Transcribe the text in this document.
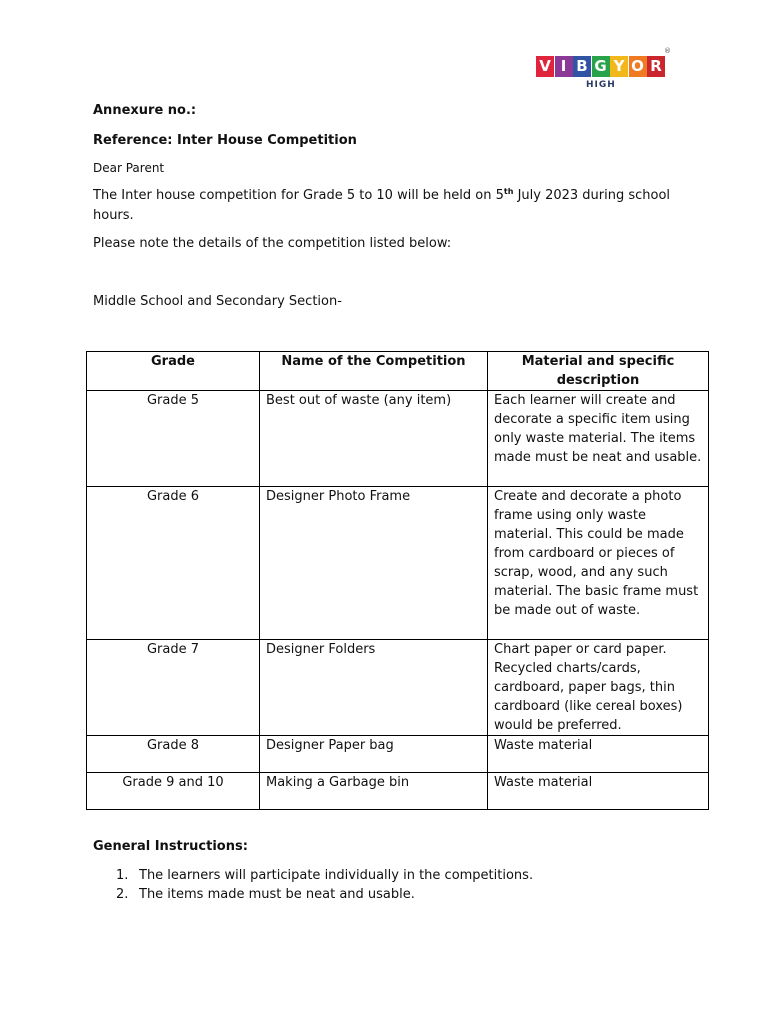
V I B G Y O R
®
HIGH
Annexure no.:
Reference: Inter House Competition
Dear Parent
The Inter house competition for Grade 5 to 10 will be held on 5th July 2023 during school
hours.
Please note the details of the competition listed below:
Middle School and Secondary Section-
Grade	Name of the Competition	Material and specific description
Grade 5	Best out of waste (any item)	Each learner will create and decorate a specific item using only waste material. The items made must be neat and usable.
Grade 6	Designer Photo Frame	Create and decorate a photo frame using only waste material. This could be made from cardboard or pieces of scrap, wood, and any such material. The basic frame must be made out of waste.
Grade 7	Designer Folders	Chart paper or card paper. Recycled charts/cards, cardboard, paper bags, thin cardboard (like cereal boxes) would be preferred.
Grade 8	Designer Paper bag	Waste material
Grade 9 and 10	Making a Garbage bin	Waste material
General Instructions:
1. The learners will participate individually in the competitions.
2. The items made must be neat and usable.
